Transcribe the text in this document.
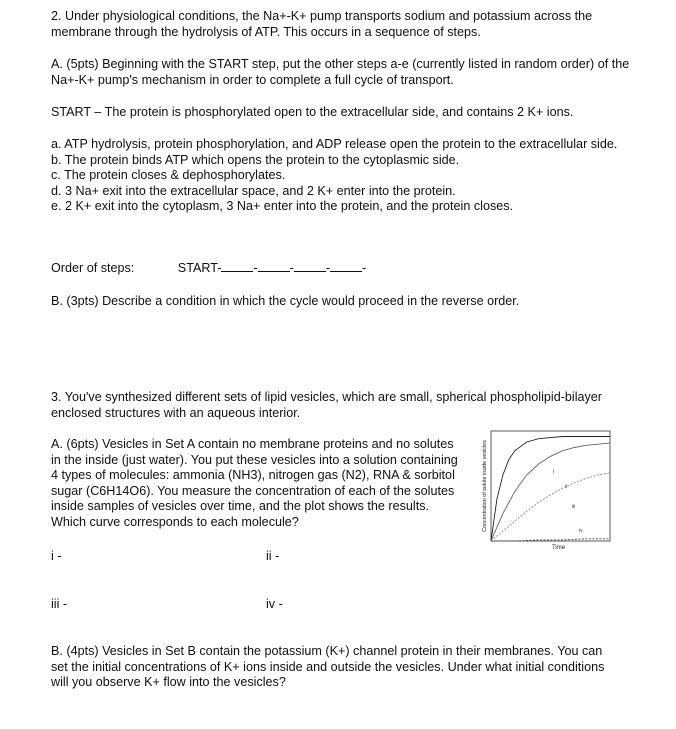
2. Under physiological conditions, the Na+-K+ pump transports sodium and potassium across the membrane through the hydrolysis of ATP. This occurs in a sequence of steps.

A. (5pts) Beginning with the START step, put the other steps a-e (currently listed in random order) of the Na+-K+ pump's mechanism in order to complete a full cycle of transport.

START – The protein is phosphorylated open to the extracellular side, and contains 2 K+ ions.

a. ATP hydrolysis, protein phosphorylation, and ADP release open the protein to the extracellular side.

b. The protein binds ATP which opens the protein to the cytoplasmic side.

c. The protein closes & dephosphorylates.

d. 3 Na+ exit into the extracellular space, and 2 K+ enter into the protein.

e. 2 K+ exit into the cytoplasm, 3 Na+ enter into the protein, and the protein closes.

Order of steps:	START-	-	-	-	-

B. (3pts) Describe a condition in which the cycle would proceed in the reverse order.

3. You've synthesized different sets of lipid vesicles, which are small, spherical phospholipid-bilayer enclosed structures with an aqueous interior.

A. (6pts) Vesicles in Set A contain no membrane proteins and no solutes in the inside (just water). You put these vesicles into a solution containing 4 types of molecules: ammonia (NH3), nitrogen gas (N2), RNA & sorbitol sugar (C6H14O6). You measure the concentration of each of the solutes inside samples of vesicles over time, and the plot shows the results. Which curve corresponds to each molecule?

i
ii
iii
iv
Time
Concentration of solute inside vesicles
i -	ii -
iii -	iv -

B. (4pts) Vesicles in Set B contain the potassium (K+) channel protein in their membranes. You can set the initial concentrations of K+ ions inside and outside the vesicles. Under what initial conditions will you observe K+ flow into the vesicles?
